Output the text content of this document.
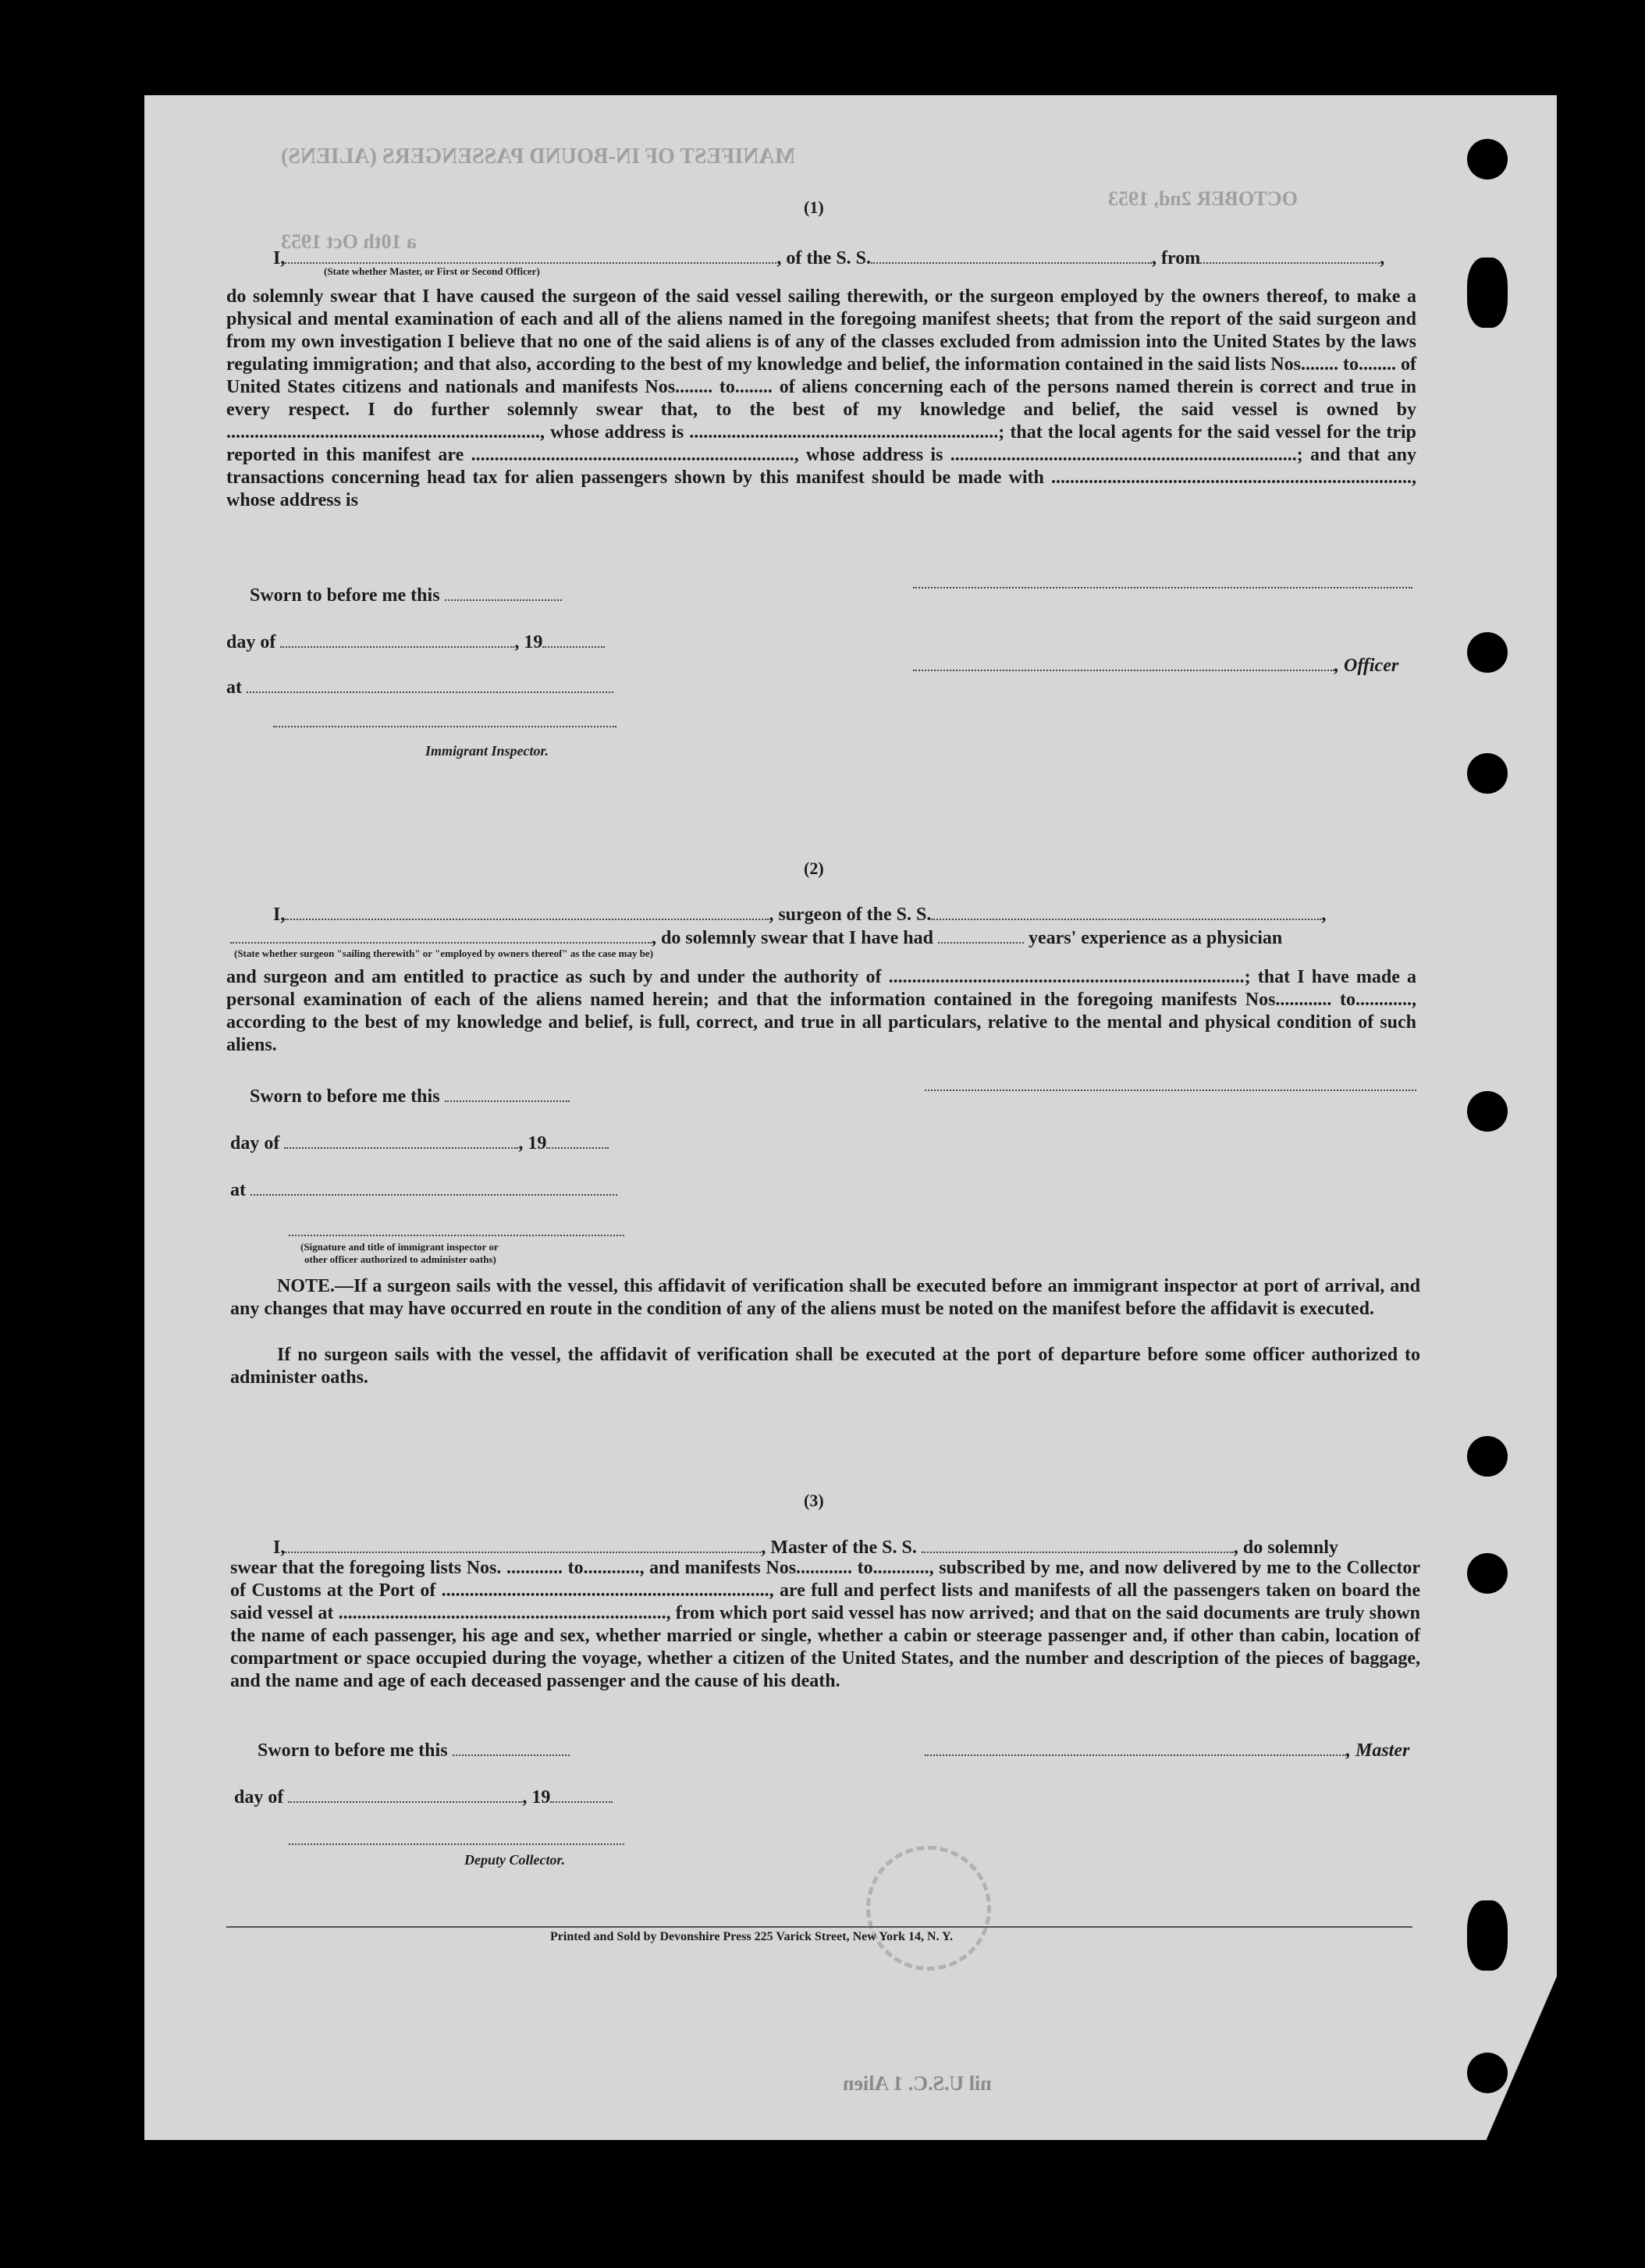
MANIFEST OF IN-BOUND PASSENGERS (ALIENS)
a 10th Oct 1953
OCTOBER 2nd, 1953
(1)
I,	, of the S. S.	, from	,
(State whether Master, or First or Second Officer)
do solemnly swear that I have caused the surgeon of the said vessel sailing therewith, or the surgeon employed by the owners thereof, to make a physical and mental examination of each and all of the aliens named in the foregoing manifest sheets; that from the report of the said surgeon and from my own investigation I believe that no one of the said aliens is of any of the classes excluded from admission into the United States by the laws regulating immigration; and that also, according to the best of my knowledge and belief, the information contained in the said lists Nos........ to........ of United States citizens and nationals and manifests Nos........ to........ of aliens concerning each of the persons named therein is correct and true in every respect. I do further solemnly swear that, to the best of my knowledge and belief, the said vessel is owned by ..................................................................., whose address is ..................................................................; that the local agents for the said vessel for the trip reported in this manifest are ....................................................................., whose address is ..........................................................................; and that any transactions concerning head tax for alien passengers shown by this manifest should be made with ............................................................................., whose address is
Sworn to before me this
day of	, 19
, Officer
at
Immigrant Inspector.
(2)
I,	, surgeon of the S. S.	,
, do solemnly swear that I have had	years' experience as a physician
(State whether surgeon "sailing therewith" or "employed by owners thereof" as the case may be)
and surgeon and am entitled to practice as such by and under the authority of ............................................................................; that I have made a personal examination of each of the aliens named herein; and that the information contained in the foregoing manifests Nos............ to............, according to the best of my knowledge and belief, is full, correct, and true in all particulars, relative to the mental and physical condition of such aliens.
Sworn to before me this
day of	, 19
at
(Signature and title of immigrant inspector or
other officer authorized to administer oaths)
NOTE.—If a surgeon sails with the vessel, this affidavit of verification shall be executed before an immigrant inspector at port of arrival, and any changes that may have occurred en route in the condition of any of the aliens must be noted on the manifest before the affidavit is executed.
If no surgeon sails with the vessel, the affidavit of verification shall be executed at the port of departure before some officer authorized to administer oaths.
(3)
I,	, Master of the S. S.	, do solemnly
swear that the foregoing lists Nos. ............ to............, and manifests Nos............ to............, subscribed by me, and now delivered by me to the Collector of Customs at the Port of ......................................................................, are full and perfect lists and manifests of all the passengers taken on board the said vessel at ......................................................................, from which port said vessel has now arrived; and that on the said documents are truly shown the name of each passenger, his age and sex, whether married or single, whether a cabin or steerage passenger and, if other than cabin, location of compartment or space occupied during the voyage, whether a citizen of the United States, and the number and description of the pieces of baggage, and the name and age of each deceased passenger and the cause of his death.
Sworn to before me this	, Master
day of	, 19
Deputy Collector.
Printed and Sold by Devonshire Press 225 Varick Street, New York 14, N. Y.
nil U.S.C. 1 Alien
